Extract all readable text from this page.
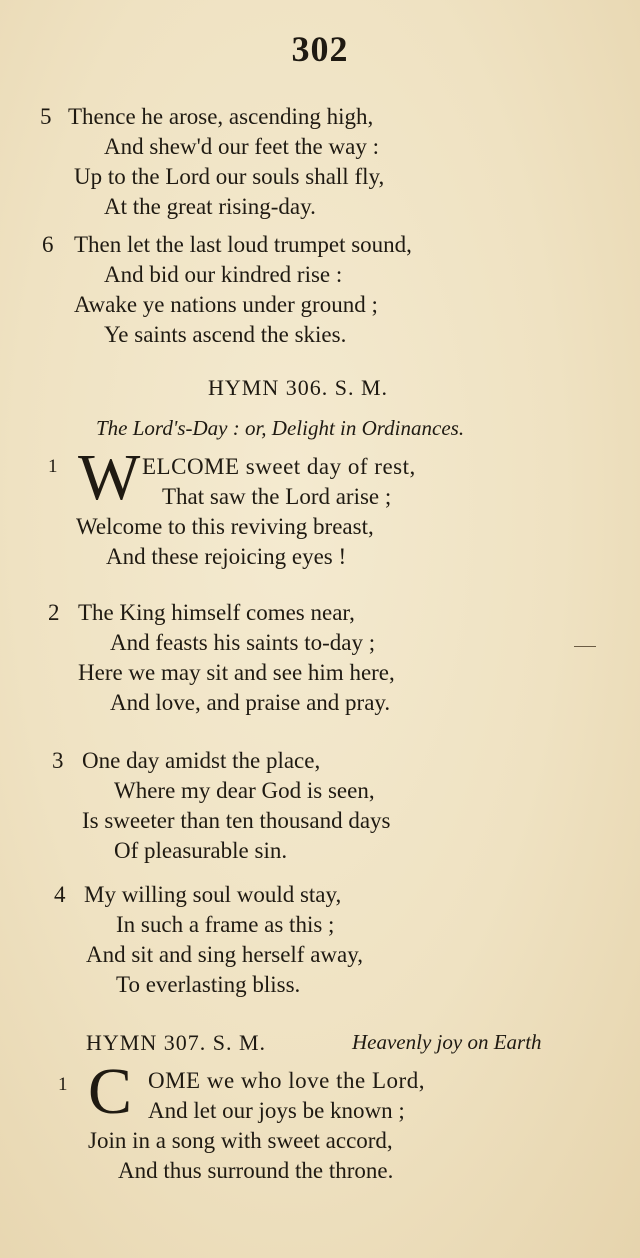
302
5 Thence he arose, ascending high,
And shew'd our feet the way :
Up to the Lord our souls shall fly,
At the great rising-day.
6 Then let the last loud trumpet sound,
And bid our kindred rise :
Awake ye nations under ground ;
Ye saints ascend the skies.
HYMN 306. S. M.
The Lord's-Day : or, Delight in Ordinances.
1 W ELCOME sweet day of rest,
That saw the Lord arise ;
Welcome to this reviving breast,
And these rejoicing eyes !
2 The King himself comes near,
And feasts his saints to-day ;
Here we may sit and see him here,
And love, and praise and pray.
3 One day amidst the place,
Where my dear God is seen,
Is sweeter than ten thousand days
Of pleasurable sin.
4 My willing soul would stay,
In such a frame as this ;
And sit and sing herself away,
To everlasting bliss.
HYMN 307. S. M.	Heavenly joy on Earth
1 C OME we who love the Lord,
And let our joys be known ;
Join in a song with sweet accord,
And thus surround the throne.
